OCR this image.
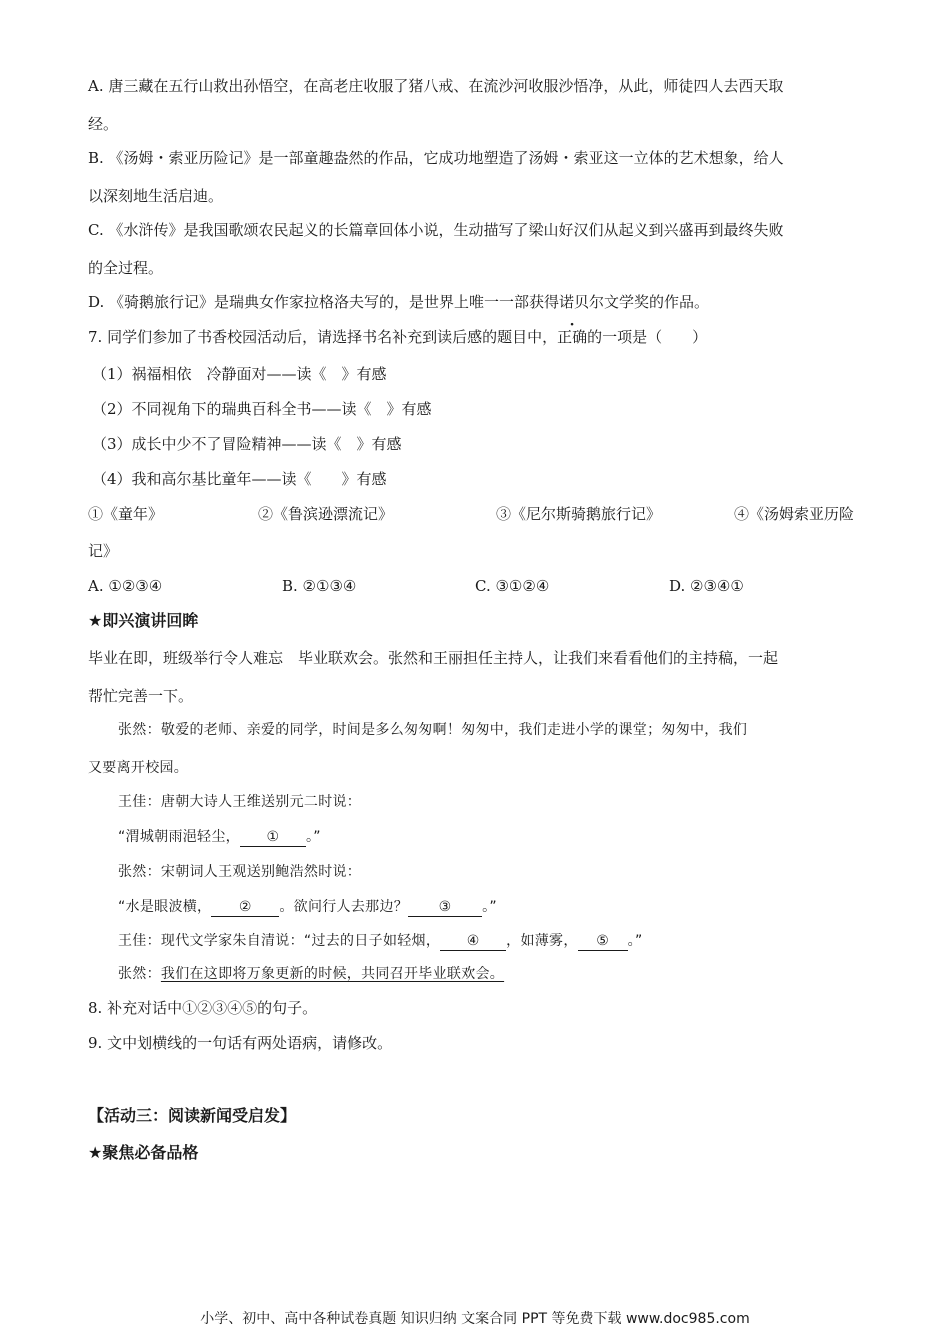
A. 唐三藏在五行山救出孙悟空，在高老庄收服了猪八戒、在流沙河收服沙悟净，从此，师徒四人去西天取
经。
B. 《汤姆・索亚历险记》是一部童趣盎然的作品，它成功地塑造了汤姆・索亚这一立体的艺术想象，给人
以深刻地生活启迪。
C. 《水浒传》是我国歌颂农民起义的长篇章回体小说，生动描写了梁山好汉们从起义到兴盛再到最终失败
的全过程。
D. 《骑鹅旅行记》是瑞典女作家拉格洛夫写的，是世界上唯一一部获得诺贝尔文学奖的作品。
7. 同学们参加了书香校园活动后，请选择书名补充到读后感的题目中，正确的一项是（　　）
（1）祸福相依　冷静面对——读《　》有感
（2）不同视角下的瑞典百科全书——读《　》有感
（3）成长中少不了冒险精神——读《　》有感
（4）我和高尔基比童年——读《　　》有感
①《童年》	②《鲁滨逊漂流记》	③《尼尔斯骑鹅旅行记》	④《汤姆索亚历险
记》
A. ①②③④	B. ②①③④	C. ③①②④	D. ②③④①
★即兴演讲回眸
毕业在即，班级举行令人难忘　毕业联欢会。张然和王丽担任主持人，让我们来看看他们的主持稿，一起
帮忙完善一下。
张然：敬爱的老师、亲爱的同学，时间是多么匆匆啊！匆匆中，我们走进小学的课堂；匆匆中，我们
又要离开校园。
王佳：唐朝大诗人王维送别元二时说：
“渭城朝雨浥轻尘， ① 。”
张然：宋朝词人王观送别鲍浩然时说：
“水是眼波横， ② 。欲问行人去那边？ ③ 。”
王佳：现代文学家朱自清说：“过去的日子如轻烟， ④ ，如薄雾， ⑤ 。”
张然：我们在这即将万象更新的时候，共同召开毕业联欢会。
8. 补充对话中①②③④⑤的句子。
9. 文中划横线的一句话有两处语病，请修改。
【活动三：阅读新闻受启发】
★聚焦必备品格
小学、初中、高中各种试卷真题 知识归纳 文案合同 PPT 等免费下载 www.doc985.com
